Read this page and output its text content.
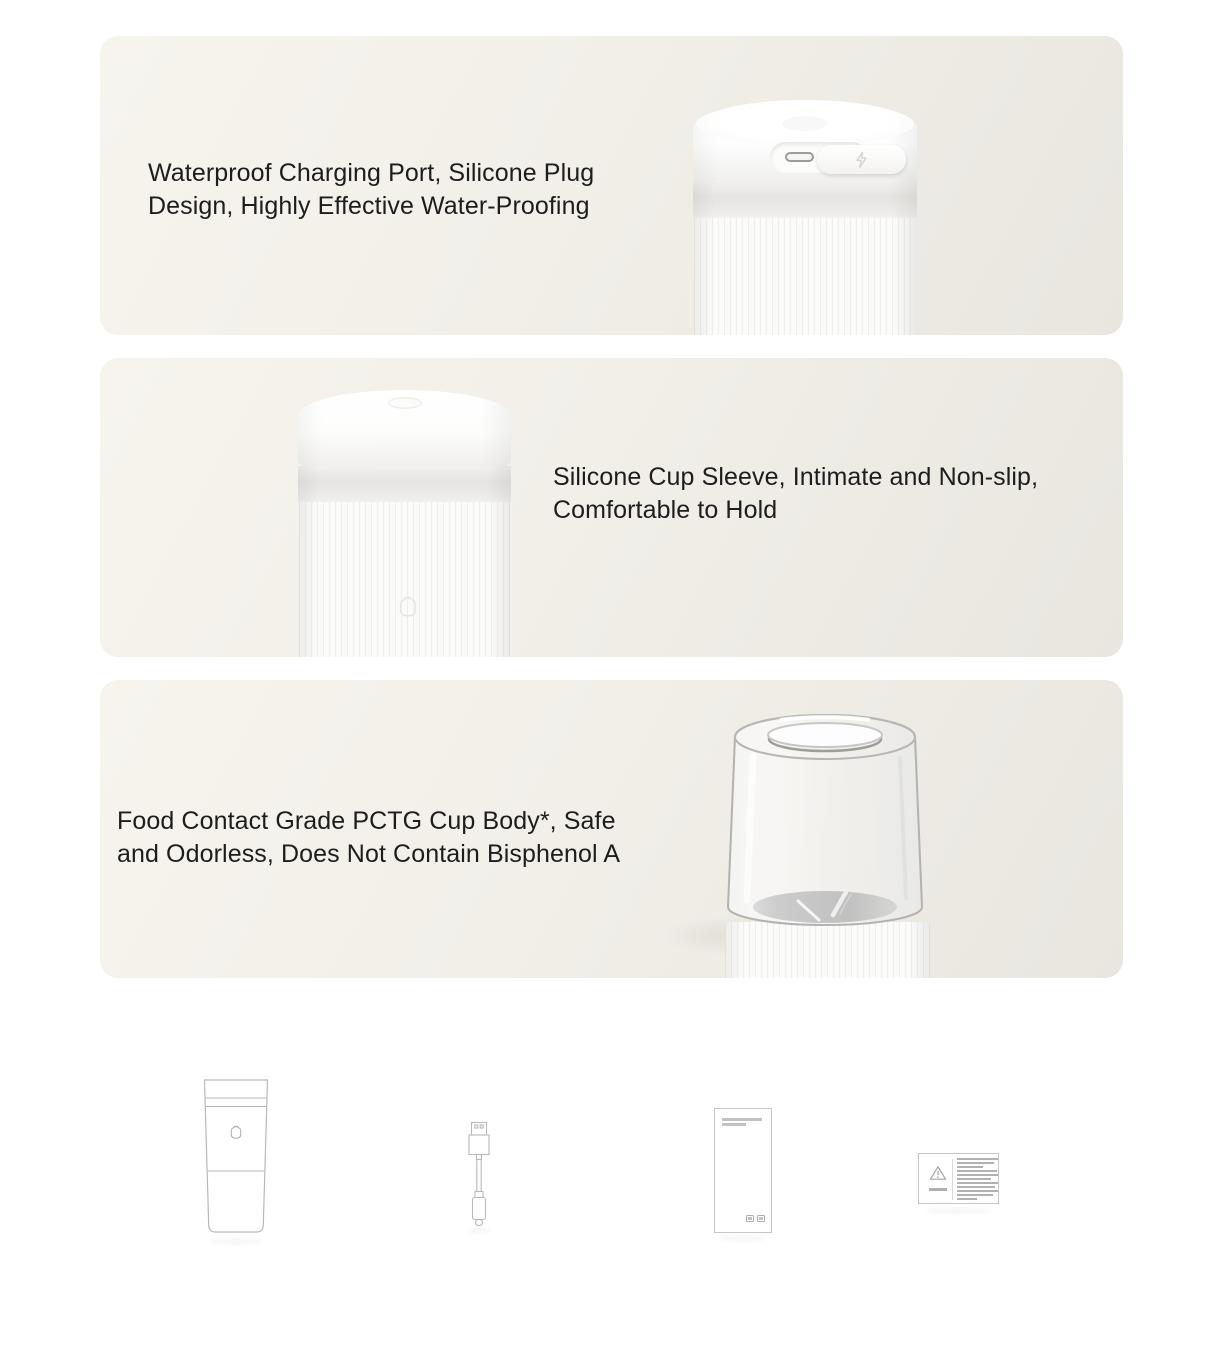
Waterproof Charging Port, Silicone Plug
Design, Highly Effective Water-Proofing
Silicone Cup Sleeve, Intimate and Non-slip,
Comfortable to Hold
Food Contact Grade PCTG Cup Body*, Safe
and Odorless, Does Not Contain Bisphenol A
